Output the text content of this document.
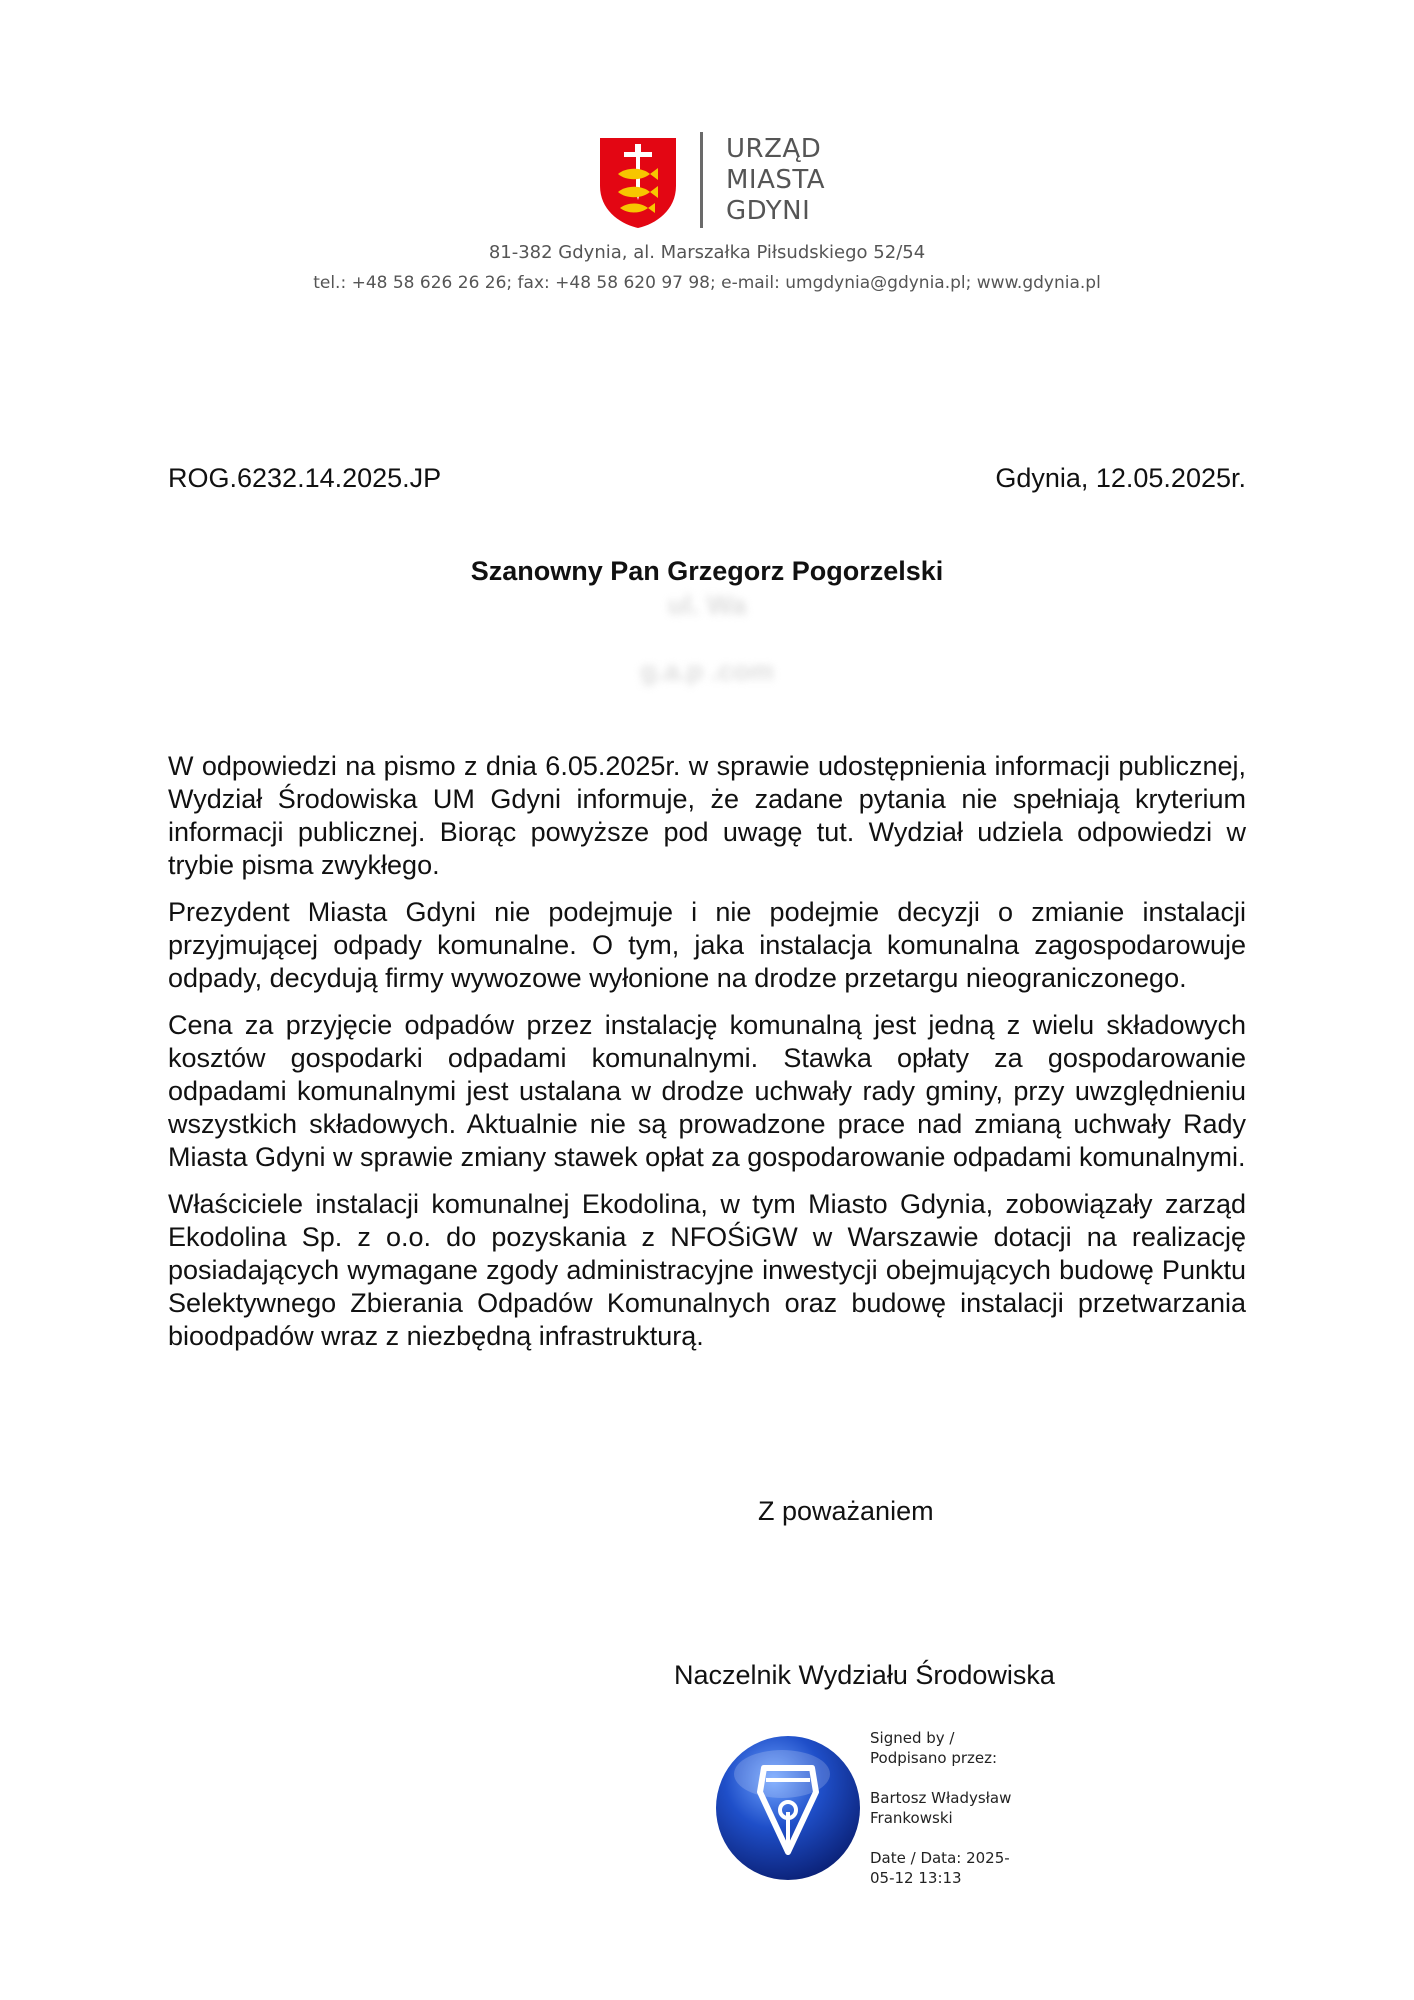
URZĄD
MIASTA
GDYNI
81-382 Gdynia, al. Marszałka Piłsudskiego 52/54
tel.: +48 58 626 26 26; fax: +48 58 620 97 98; e-mail: umgdynia@gdynia.pl; www.gdynia.pl
ROG.6232.14.2025.JP	Gdynia, 12.05.2025r.
Szanowny Pan Grzegorz Pogorzelski
ul. Wa
g.a.p .com

W odpowiedzi na pismo z dnia 6.05.2025r. w sprawie udostępnienia informacji publicznej, Wydział Środowiska UM Gdyni informuje, że zadane pytania nie spełniają kryterium informacji publicznej. Biorąc powyższe pod uwagę tut. Wydział udziela odpowiedzi w trybie pisma zwykłego.

Prezydent Miasta Gdyni nie podejmuje i nie podejmie decyzji o zmianie instalacji przyjmującej odpady komunalne. O tym, jaka instalacja komunalna zagospodarowuje odpady, decydują firmy wywozowe wyłonione na drodze przetargu nieograniczonego.

Cena za przyjęcie odpadów przez instalację komunalną jest jedną z wielu składowych kosztów gospodarki odpadami komunalnymi. Stawka opłaty za gospodarowanie odpadami komunalnymi jest ustalana w drodze uchwały rady gminy, przy uwzględnieniu wszystkich składowych. Aktualnie nie są prowadzone prace nad zmianą uchwały Rady Miasta Gdyni w sprawie zmiany stawek opłat za gospodarowanie odpadami komunalnymi.

Właściciele instalacji komunalnej Ekodolina, w tym Miasto Gdynia, zobowiązały zarząd Ekodolina Sp. z o.o. do pozyskania z NFOŚiGW w Warszawie dotacji na realizację posiadających wymagane zgody administracyjne inwestycji obejmujących budowę Punktu Selektywnego Zbierania Odpadów Komunalnych oraz budowę instalacji przetwarzania bioodpadów wraz z niezbędną infrastrukturą.

Z poważaniem
Naczelnik Wydziału Środowiska
Signed by /
Podpisano przez:
Bartosz Władysław
Frankowski
Date / Data: 2025-
05-12 13:13
